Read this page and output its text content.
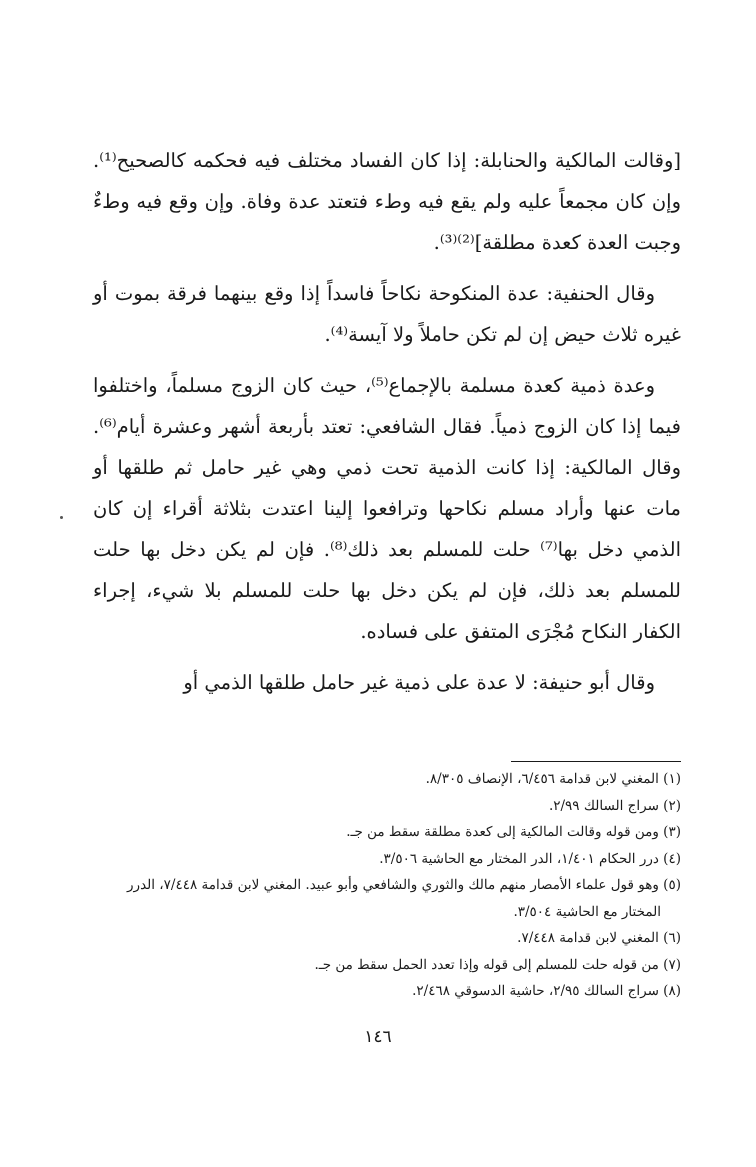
[وقالت المالكية والحنابلة: إذا كان الفساد مختلف فيه فحكمه كالصحيح⁽¹⁾. وإن كان مجمعاً عليه ولم يقع فيه وطء فتعتد عدة وفاة. وإن وقع فيه وطءٌ وجبت العدة كعدة مطلقة]⁽²⁾⁽³⁾.

وقال الحنفية: عدة المنكوحة نكاحاً فاسداً إذا وقع بينهما فرقة بموت أو غيره ثلاث حيض إن لم تكن حاملاً ولا آيسة⁽⁴⁾.

وعدة ذمية كعدة مسلمة بالإجماع⁽⁵⁾، حيث كان الزوج مسلماً، واختلفوا فيما إذا كان الزوج ذمياً. فقال الشافعي: تعتد بأربعة أشهر وعشرة أيام⁽⁶⁾. وقال المالكية: إذا كانت الذمية تحت ذمي وهي غير حامل ثم طلقها أو مات عنها وأراد مسلم نكاحها وترافعوا إلينا اعتدت بثلاثة أقراء إن كان الذمي دخل بها⁽⁷⁾ حلت للمسلم بعد ذلك⁽⁸⁾. فإن لم يكن دخل بها حلت للمسلم بعد ذلك، فإن لم يكن دخل بها حلت للمسلم بلا شيء، إجراء الكفار النكاح مُجْرَى المتفق على فساده.

وقال أبو حنيفة: لا عدة على ذمية غير حامل طلقها الذمي أو

(١) المغني لابن قدامة ٦/٤٥٦، الإنصاف ٨/٣٠٥.

(٢) سراج السالك ٢/٩٩.

(٣) ومن قوله وقالت المالكية إلى كعدة مطلقة سقط من جـ.

(٤) درر الحكام ١/٤٠١، الدر المختار مع الحاشية ٣/٥٠٦.

(٥) وهو قول علماء الأمصار منهم مالك والثوري والشافعي وأبو عبيد. المغني لابن قدامة ٧/٤٤٨، الدرر المختار مع الحاشية ٣/٥٠٤.

(٦) المغني لابن قدامة ٧/٤٤٨.

(٧) من قوله حلت للمسلم إلى قوله وإذا تعدد الحمل سقط من جـ.

(٨) سراج السالك ٢/٩٥، حاشية الدسوقي ٢/٤٦٨.

١٤٦
